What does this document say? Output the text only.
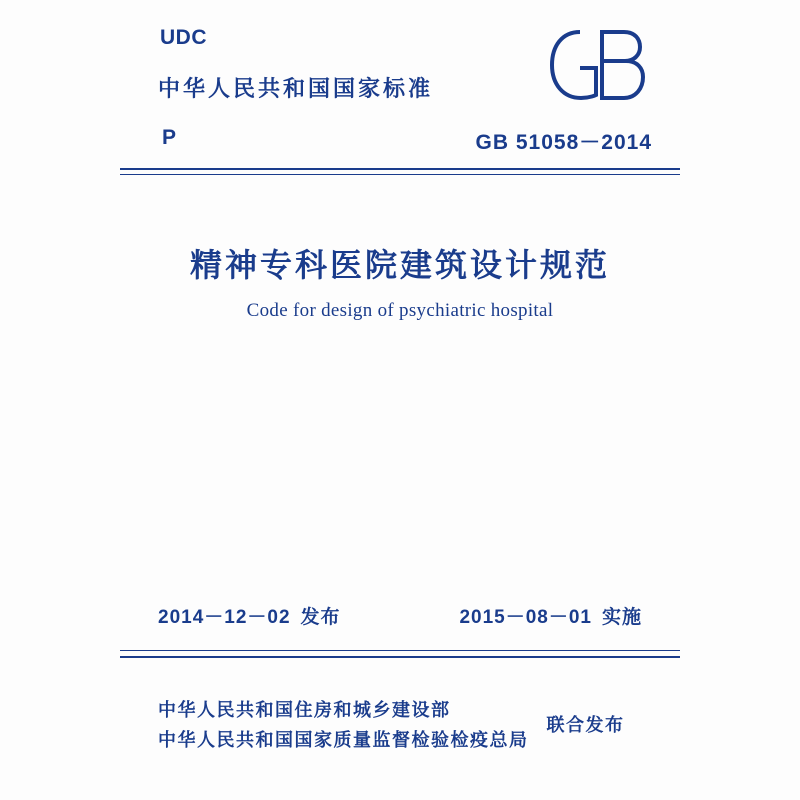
UDC
中华人民共和国国家标准
P	GB 51058－2014
精神专科医院建筑设计规范
Code for design of psychiatric hospital
2014－12－02 发布	2015－08－01 实施
中华人民共和国住房和城乡建设部
中华人民共和国国家质量监督检验检疫总局
联合发布
